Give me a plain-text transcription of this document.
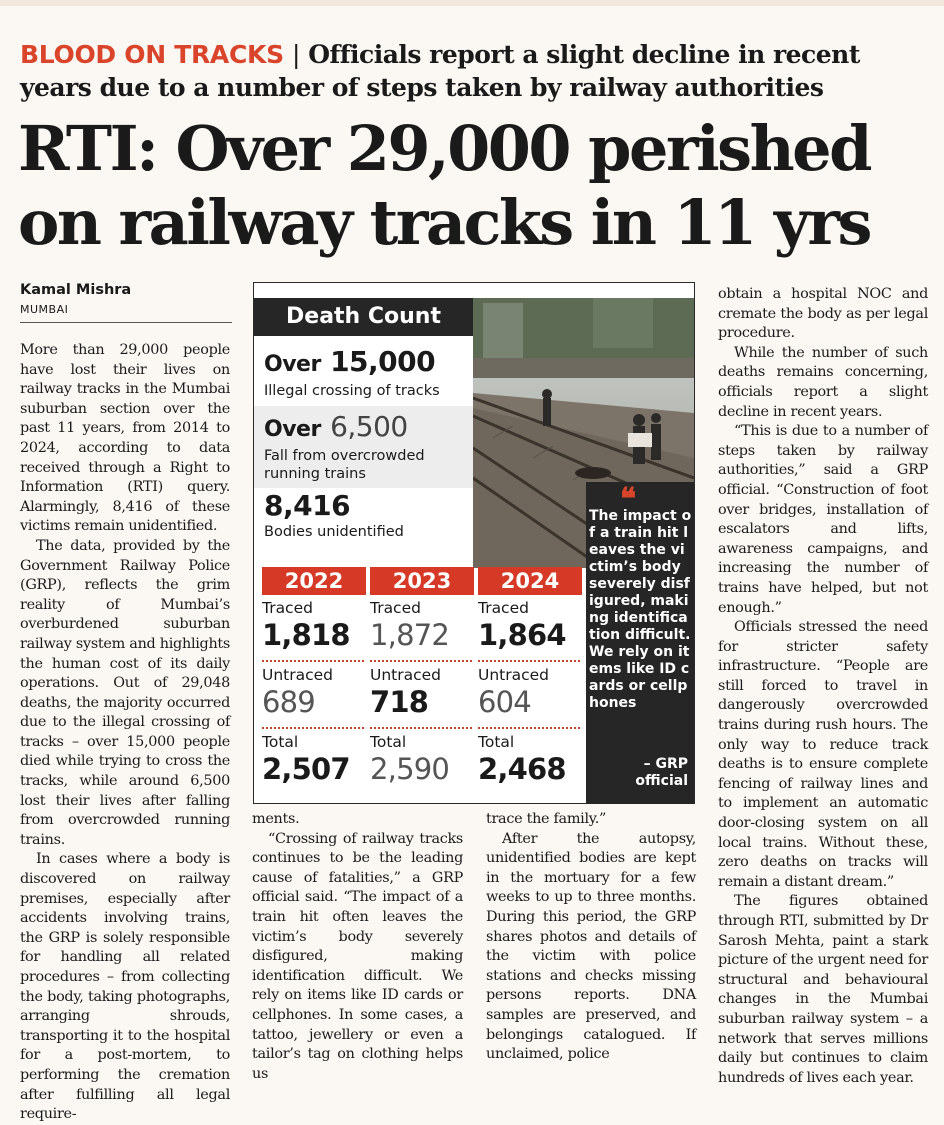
BLOOD ON TRACKS | Officials report a slight decline in recent years due to a number of steps taken by railway authorities
RTI: Over 29,000 perished on railway tracks in 11 yrs
Kamal Mishra
MUMBAI

More than 29,000 people have lost their lives on railway tracks in the Mumbai suburban section over the past 11 years, from 2014 to 2024, according to data received through a Right to Information (RTI) query. Alarmingly, 8,416 of these victims remain unidentified.

The data, provided by the Government Railway Police (GRP), reflects the grim reality of Mumbai’s overburdened suburban railway system and highlights the human cost of its daily operations. Out of 29,048 deaths, the majority occurred due to the illegal crossing of tracks – over 15,000 people died while trying to cross the tracks, while around 6,500 lost their lives after falling from overcrowded running trains.

In cases where a body is discovered on railway premises, especially after accidents involving trains, the GRP is solely responsible for handling all related procedures – from collecting the body, taking photographs, arranging shrouds, transporting it to the hospital for a post-mortem, to performing the cremation after fulfilling all legal require-

Death Count
Over 15,000
Illegal crossing of tracks
Over 6,500
Fall from overcrowded running trains
8,416
Bodies unidentified
2022
Traced
1,818
Untraced
689
Total
2,507
2023
Traced
1,872
Untraced
718
Total
2,590
2024
Traced
1,864
Untraced
604
Total
2,468
❝
The impact of a train hit leaves the victim’s body severely disfigured, making identification difficult. We rely on items like ID cards or cellphones
– GRP
official

ments.

“Crossing of railway tracks continues to be the leading cause of fatalities,” a GRP official said. “The impact of a train hit often leaves the victim’s body severely disfigured, making identification difficult. We rely on items like ID cards or cellphones. In some cases, a tattoo, jewellery or even a tailor’s tag on clothing helps us

trace the family.”

After the autopsy, unidentified bodies are kept in the mortuary for a few weeks to up to three months. During this period, the GRP shares photos and details of the victim with police stations and checks missing persons reports. DNA samples are preserved, and belongings catalogued. If unclaimed, police

obtain a hospital NOC and cremate the body as per legal procedure.

While the number of such deaths remains concerning, officials report a slight decline in recent years.

“This is due to a number of steps taken by railway authorities,” said a GRP official. “Construction of foot over bridges, installation of escalators and lifts, awareness campaigns, and increasing the number of trains have helped, but not enough.”

Officials stressed the need for stricter safety infrastructure. “People are still forced to travel in dangerously overcrowded trains during rush hours. The only way to reduce track deaths is to ensure complete fencing of railway lines and to implement an automatic door-closing system on all local trains. Without these, zero deaths on tracks will remain a distant dream.”

The figures obtained through RTI, submitted by Dr Sarosh Mehta, paint a stark picture of the urgent need for structural and behavioural changes in the Mumbai suburban railway system – a network that serves millions daily but continues to claim hundreds of lives each year.
